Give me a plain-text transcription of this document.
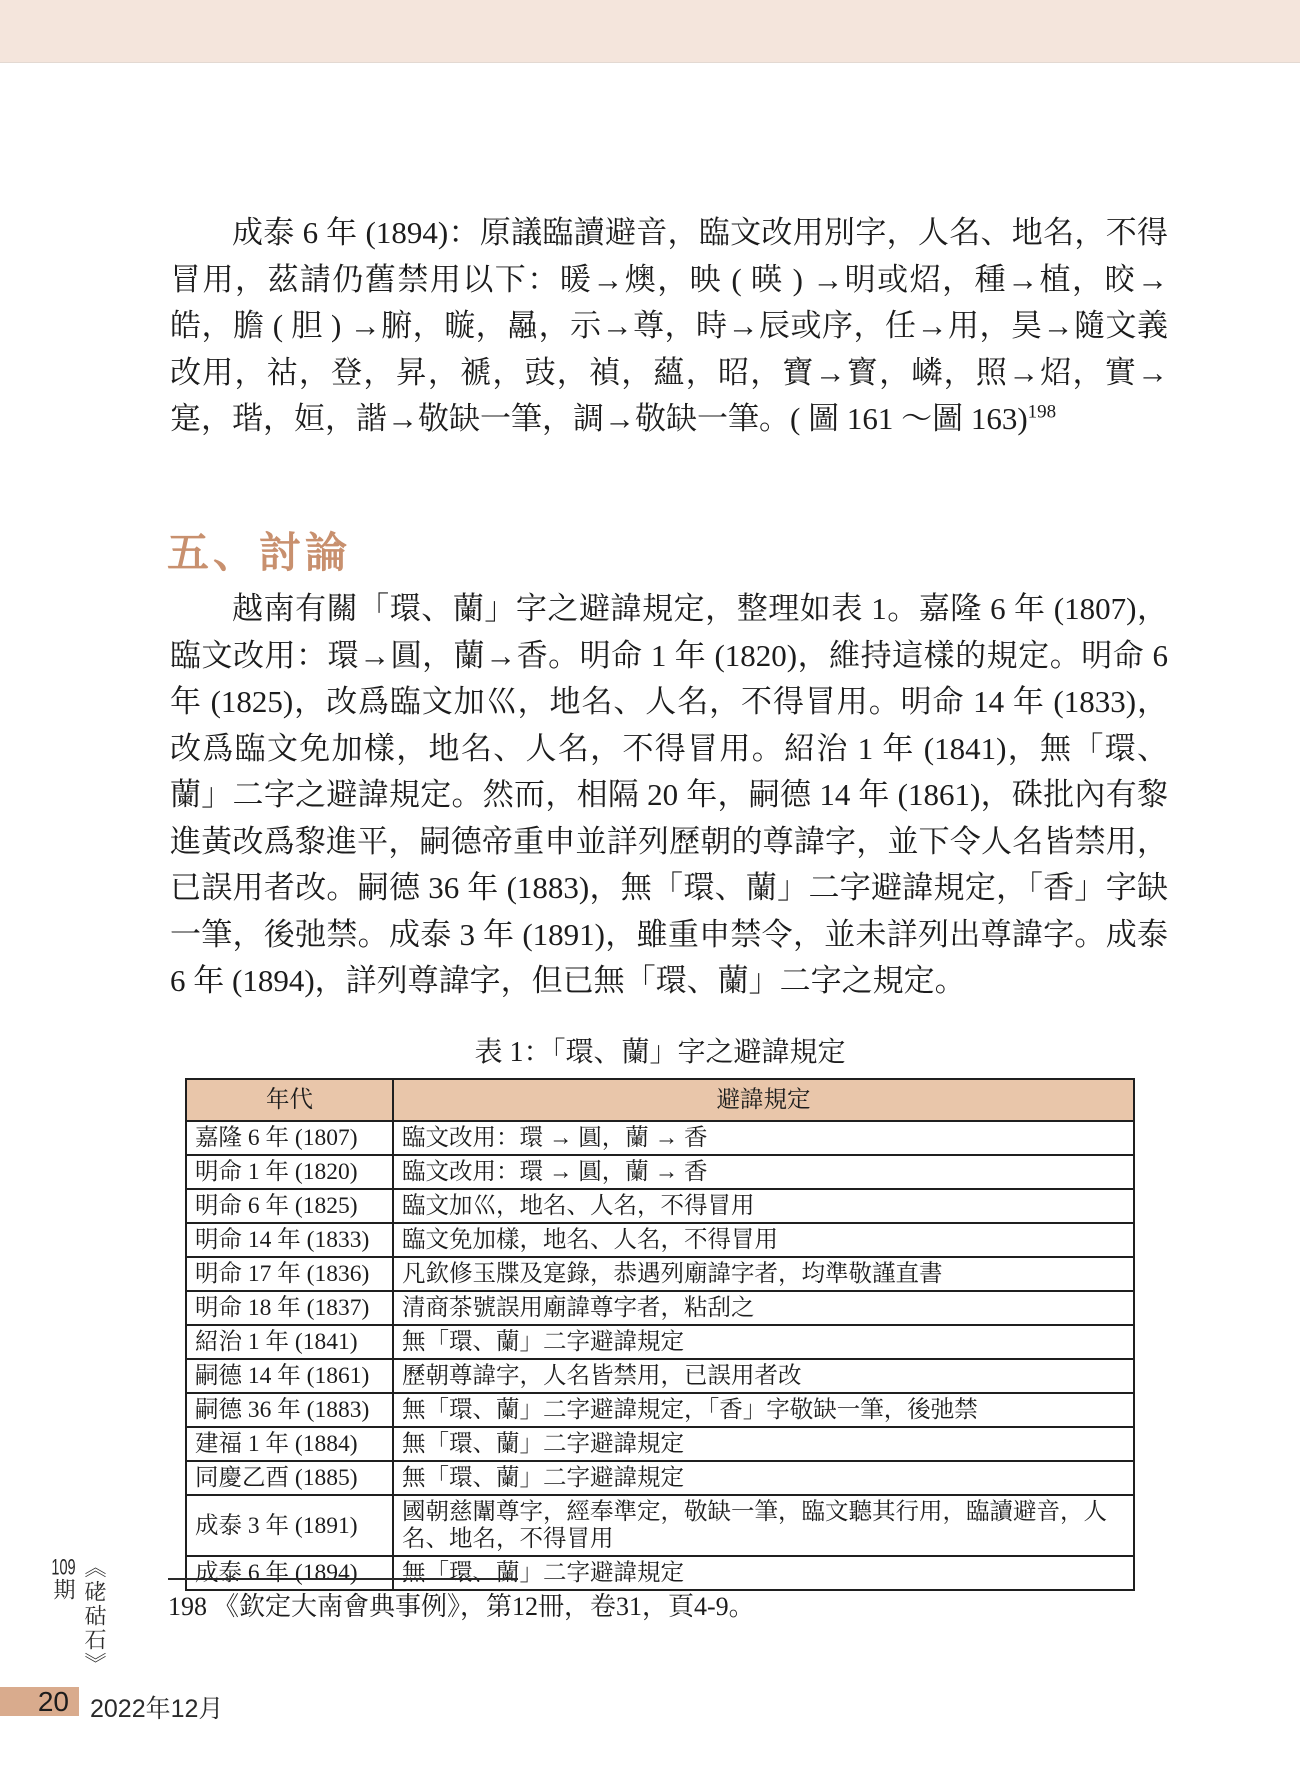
成泰 6 年 (1894)：原議臨讀避音，臨文改用別字，人名、地名，不得冒用，茲請仍舊禁用以下：暖→燠，映 ( 暎 ) →明或炤，種→植，晈→皓，膽 ( 胆 ) →腑，暶，曧，示→尊，時→辰或序，任→用，昊→隨文義改用，祜，登，昇，禠，豉，禎，蘊，昭，寶→寳，嶙，照→炤，實→寔，瑎，姮，諧→敬缺一筆，調→敬缺一筆。( 圖 161 ～圖 163)$^{198}$

五、討論

越南有關「環、蘭」字之避諱規定，整理如表 1。嘉隆 6 年 (1807)，臨文改用：環→圓，蘭→香。明命 1 年 (1820)，維持這樣的規定。明命 6 年 (1825)，改爲臨文加巛，地名、人名，不得冒用。明命 14 年 (1833)，改爲臨文免加樣，地名、人名，不得冒用。紹治 1 年 (1841)，無「環、蘭」二字之避諱規定。然而，相隔 20 年，嗣德 14 年 (1861)，硃批內有黎進黃改爲黎進平，嗣德帝重申並詳列歷朝的尊諱字，並下令人名皆禁用，已誤用者改。嗣德 36 年 (1883)，無「環、蘭」二字避諱規定，「香」字缺一筆，後弛禁。成泰 3 年 (1891)，雖重申禁令，並未詳列出尊諱字。成泰 6 年 (1894)，詳列尊諱字，但已無「環、蘭」二字之規定。

表 1：「環、蘭」字之避諱規定

年代	避諱規定
嘉隆 6 年 (1807)	臨文改用：環 → 圓，蘭 → 香
明命 1 年 (1820)	臨文改用：環 → 圓，蘭 → 香
明命 6 年 (1825)	臨文加巛，地名、人名，不得冒用
明命 14 年 (1833)	臨文免加樣，地名、人名，不得冒用
明命 17 年 (1836)	凡欽修玉牒及寔錄，恭遇列廟諱字者，均準敬謹直書
明命 18 年 (1837)	清商茶號誤用廟諱尊字者，粘刮之
紹治 1 年 (1841)	無「環、蘭」二字避諱規定
嗣德 14 年 (1861)	歷朝尊諱字，人名皆禁用，已誤用者改
嗣德 36 年 (1883)	無「環、蘭」二字避諱規定，「香」字敬缺一筆，後弛禁
建福 1 年 (1884)	無「環、蘭」二字避諱規定
同慶乙酉 (1885)	無「環、蘭」二字避諱規定
成泰 3 年 (1891)	國朝慈闈尊字，經奉準定，敬缺一筆，臨文聽其行用，臨讀避音，人名、地名，不得冒用
成泰 6 年 (1894)	無「環、蘭」二字避諱規定

198 《欽定大南會典事例》，第12冊，卷31，頁4-9。

《硓𥑮石》109期
20 2022年12月
